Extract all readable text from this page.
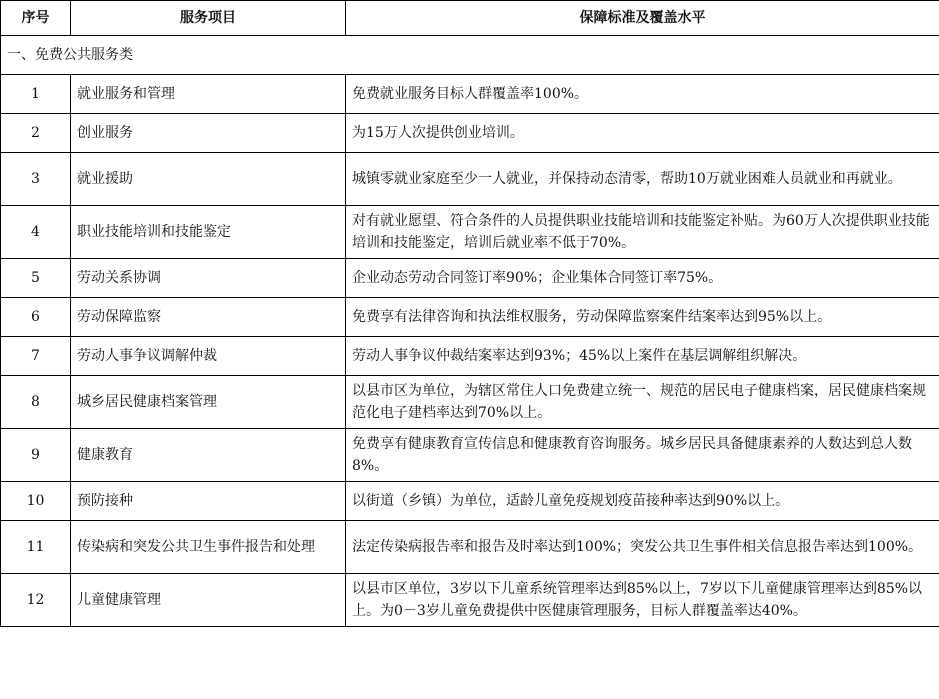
序号	服务项目	保障标准及覆盖水平
一、免费公共服务类		
1	就业服务和管理	免费就业服务目标人群覆盖率100%。
2	创业服务	为15万人次提供创业培训。
3	就业援助	城镇零就业家庭至少一人就业，并保持动态清零，帮助10万就业困难人员就业和再就业。
4	职业技能培训和技能鉴定	对有就业愿望、符合条件的人员提供职业技能培训和技能鉴定补贴。为60万人次提供职业技能培训和技能鉴定，培训后就业率不低于70%。
5	劳动关系协调	企业动态劳动合同签订率90%；企业集体合同签订率75%。
6	劳动保障监察	免费享有法律咨询和执法维权服务，劳动保障监察案件结案率达到95%以上。
7	劳动人事争议调解仲裁	劳动人事争议仲裁结案率达到93%；45%以上案件在基层调解组织解决。
8	城乡居民健康档案管理	以县市区为单位，为辖区常住人口免费建立统一、规范的居民电子健康档案，居民健康档案规范化电子建档率达到70%以上。
9	健康教育	免费享有健康教育宣传信息和健康教育咨询服务。城乡居民具备健康素养的人数达到总人数8%。
10	预防接种	以街道（乡镇）为单位，适龄儿童免疫规划疫苗接种率达到90%以上。
11	传染病和突发公共卫生事件报告和处理	法定传染病报告率和报告及时率达到100%；突发公共卫生事件相关信息报告率达到100%。
12	儿童健康管理	以县市区单位，3岁以下儿童系统管理率达到85%以上，7岁以下儿童健康管理率达到85%以上。为0－3岁儿童免费提供中医健康管理服务，目标人群覆盖率达40%。
